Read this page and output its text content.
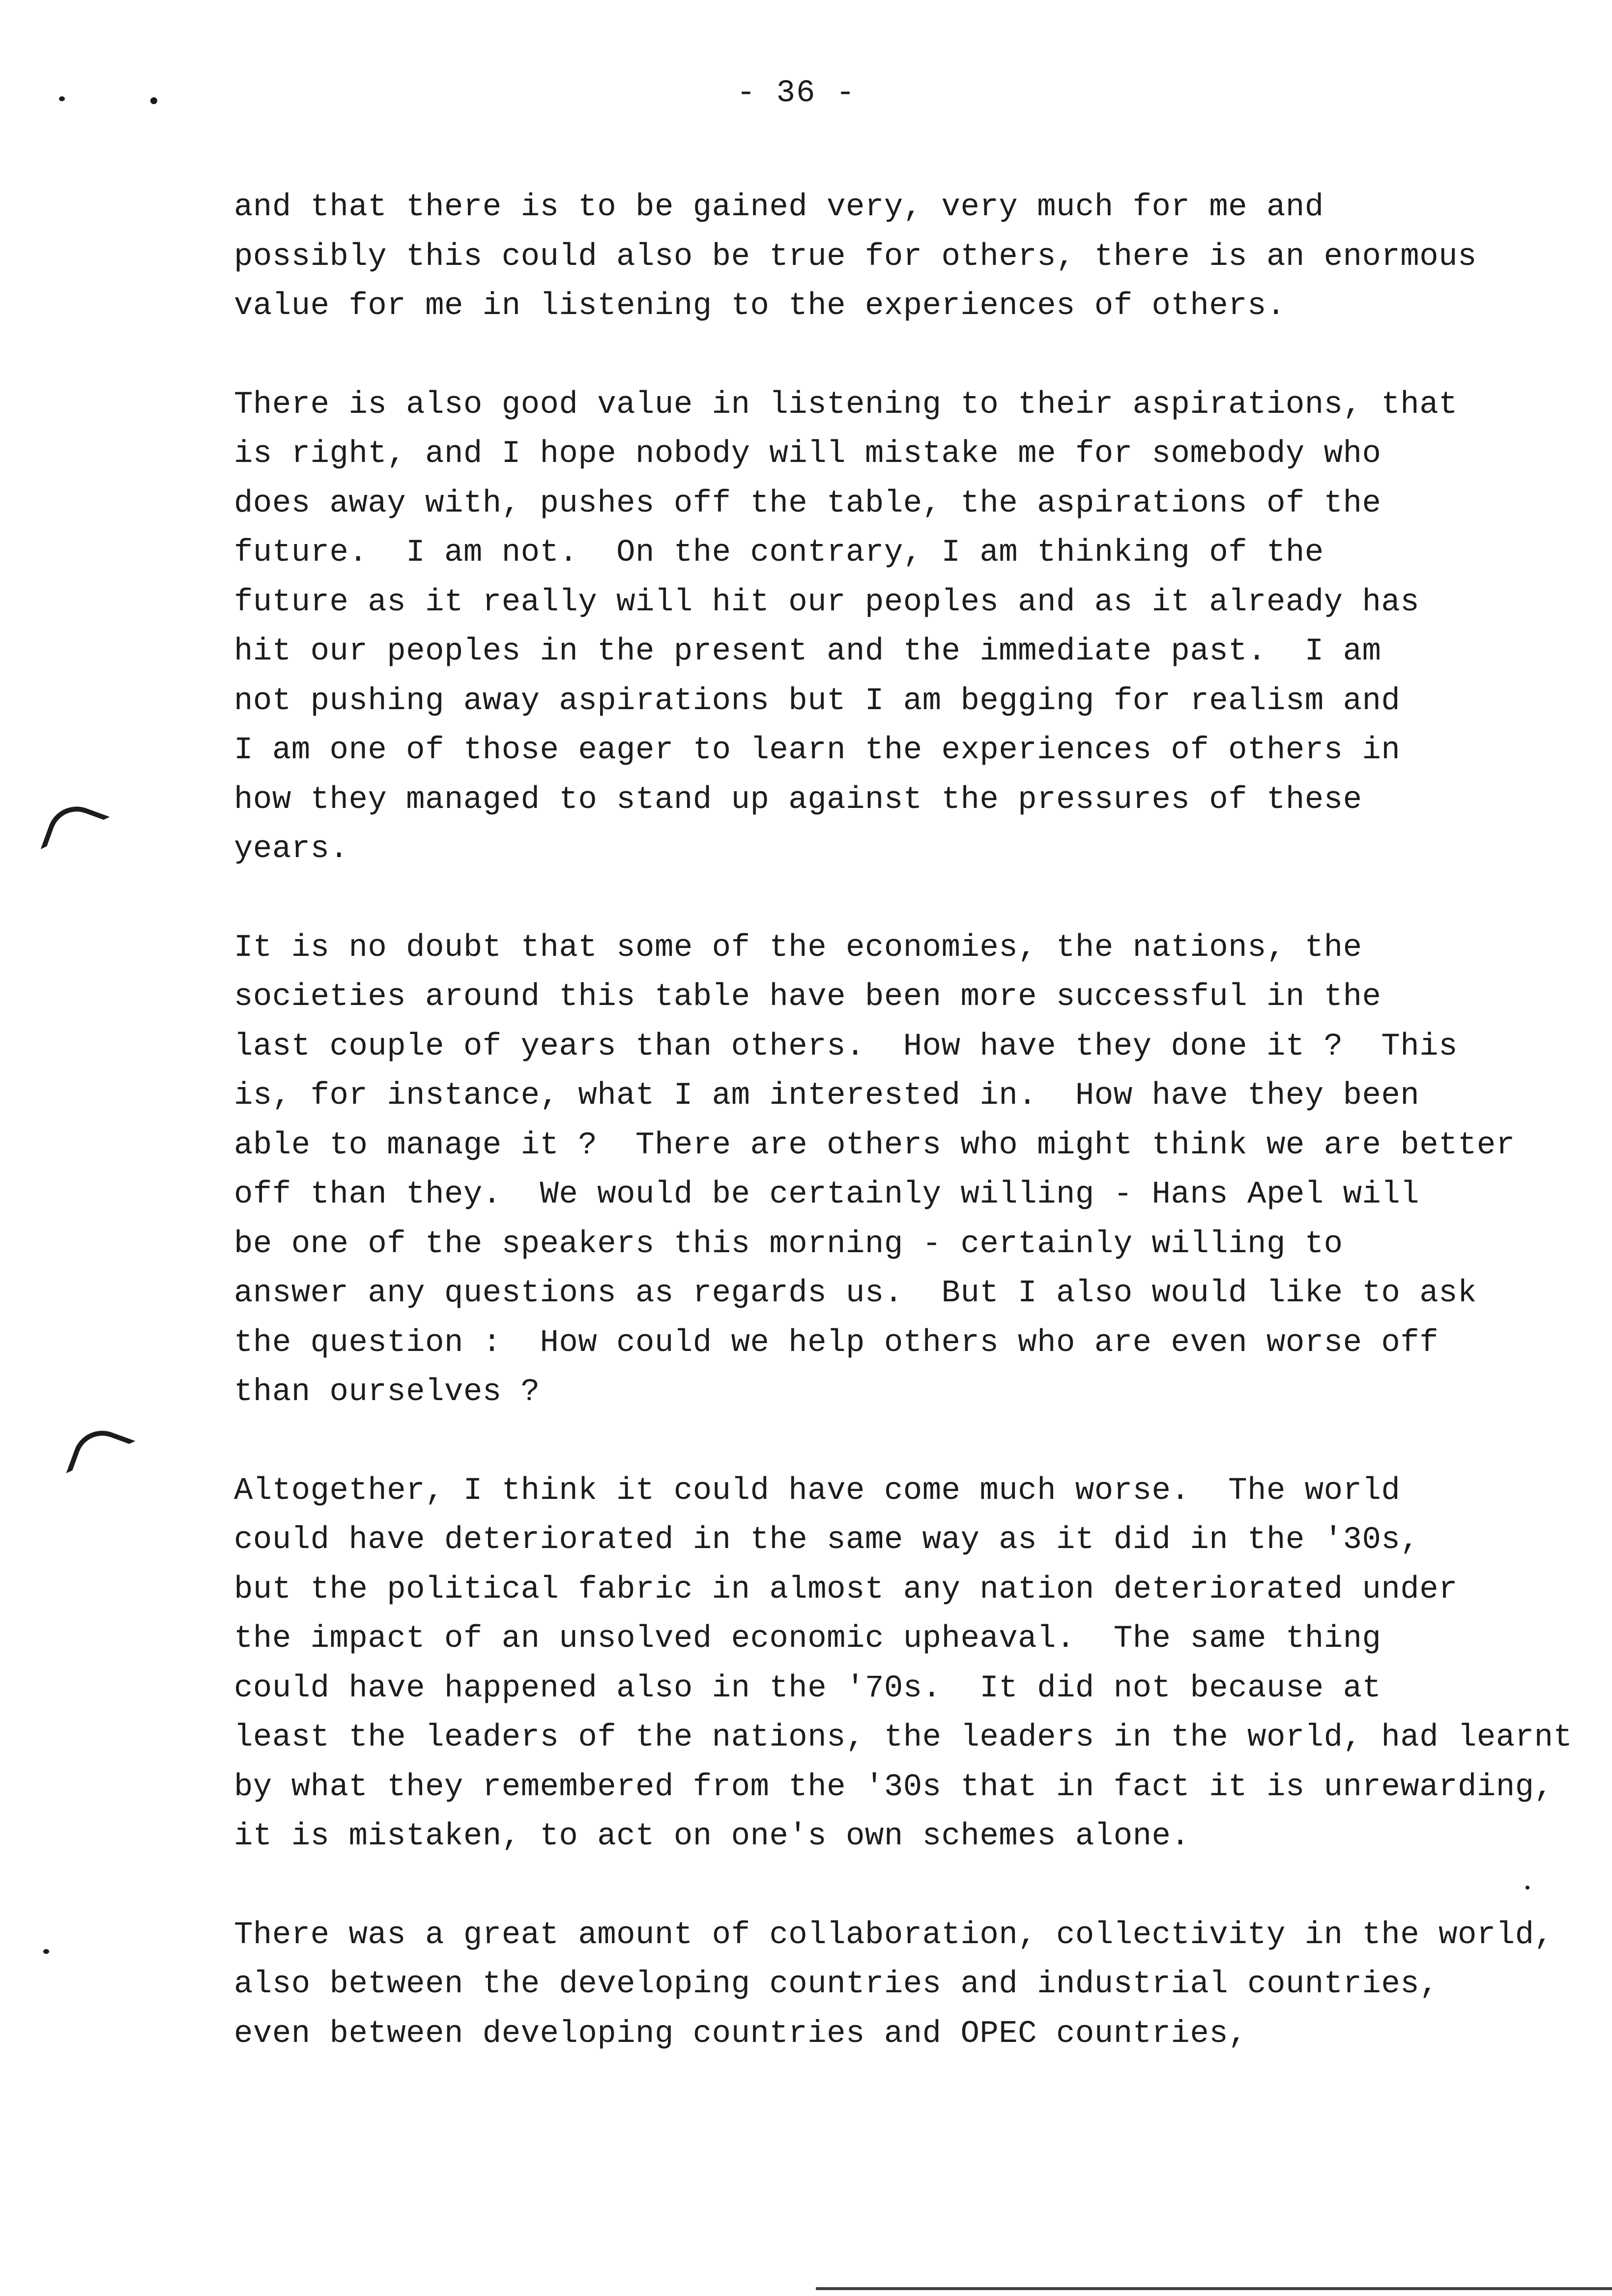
- 36 -
and that there is to be gained very, very much for me and
possibly this could also be true for others, there is an enormous
value for me in listening to the experiences of others.
There is also good value in listening to their aspirations, that
is right, and I hope nobody will mistake me for somebody who
does away with, pushes off the table, the aspirations of the
future.  I am not.  On the contrary, I am thinking of the
future as it really will hit our peoples and as it already has
hit our peoples in the present and the immediate past.  I am
not pushing away aspirations but I am begging for realism and
I am one of those eager to learn the experiences of others in
how they managed to stand up against the pressures of these
years.
It is no doubt that some of the economies, the nations, the
societies around this table have been more successful in the
last couple of years than others.  How have they done it ?  This
is, for instance, what I am interested in.  How have they been
able to manage it ?  There are others who might think we are better
off than they.  We would be certainly willing - Hans Apel will
be one of the speakers this morning - certainly willing to
answer any questions as regards us.  But I also would like to ask
the question :  How could we help others who are even worse off
than ourselves ?
Altogether, I think it could have come much worse.  The world
could have deteriorated in the same way as it did in the '30s,
but the political fabric in almost any nation deteriorated under
the impact of an unsolved economic upheaval.  The same thing
could have happened also in the '70s.  It did not because at
least the leaders of the nations, the leaders in the world, had learnt
by what they remembered from the '30s that in fact it is unrewarding,
it is mistaken, to act on one's own schemes alone.
There was a great amount of collaboration, collectivity in the world,
also between the developing countries and industrial countries,
even between developing countries and OPEC countries,
